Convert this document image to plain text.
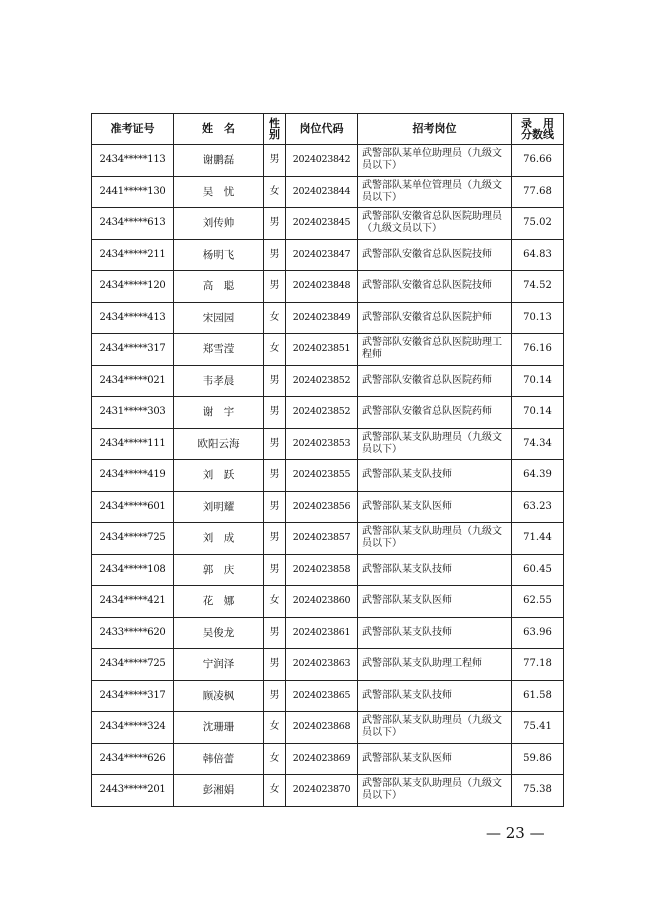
准考证号	姓　名	性别	岗位代码	招考岗位	录　用
分数线
2434*****113	谢鹏磊	男	2024023842	武警部队某单位助理员（九级文员以下）	76.66
2441*****130	吴　忧	女	2024023844	武警部队某单位管理员（九级文员以下）	77.68
2434*****613	刘传帅	男	2024023845	武警部队安徽省总队医院助理员（九级文员以下）	75.02
2434*****211	杨明飞	男	2024023847	武警部队安徽省总队医院技师	64.83
2434*****120	高　聪	男	2024023848	武警部队安徽省总队医院技师	74.52
2434*****413	宋园园	女	2024023849	武警部队安徽省总队医院护师	70.13
2434*****317	郑雪滢	女	2024023851	武警部队安徽省总队医院助理工程师	76.16
2434*****021	韦孝晨	男	2024023852	武警部队安徽省总队医院药师	70.14
2431*****303	谢　宇	男	2024023852	武警部队安徽省总队医院药师	70.14
2434*****111	欧阳云海	男	2024023853	武警部队某支队助理员（九级文员以下）	74.34
2434*****419	刘　跃	男	2024023855	武警部队某支队技师	64.39
2434*****601	刘明耀	男	2024023856	武警部队某支队医师	63.23
2434*****725	刘　成	男	2024023857	武警部队某支队助理员（九级文员以下）	71.44
2434*****108	郭　庆	男	2024023858	武警部队某支队技师	60.45
2434*****421	花　娜	女	2024023860	武警部队某支队医师	62.55
2433*****620	吴俊龙	男	2024023861	武警部队某支队技师	63.96
2434*****725	宁润泽	男	2024023863	武警部队某支队助理工程师	77.18
2434*****317	顾凌枫	男	2024023865	武警部队某支队技师	61.58
2434*****324	沈珊珊	女	2024023868	武警部队某支队助理员（九级文员以下）	75.41
2434*****626	韩倍蕾	女	2024023869	武警部队某支队医师	59.86
2443*****201	彭湘娟	女	2024023870	武警部队某支队助理员（九级文员以下）	75.38
— 23 —
